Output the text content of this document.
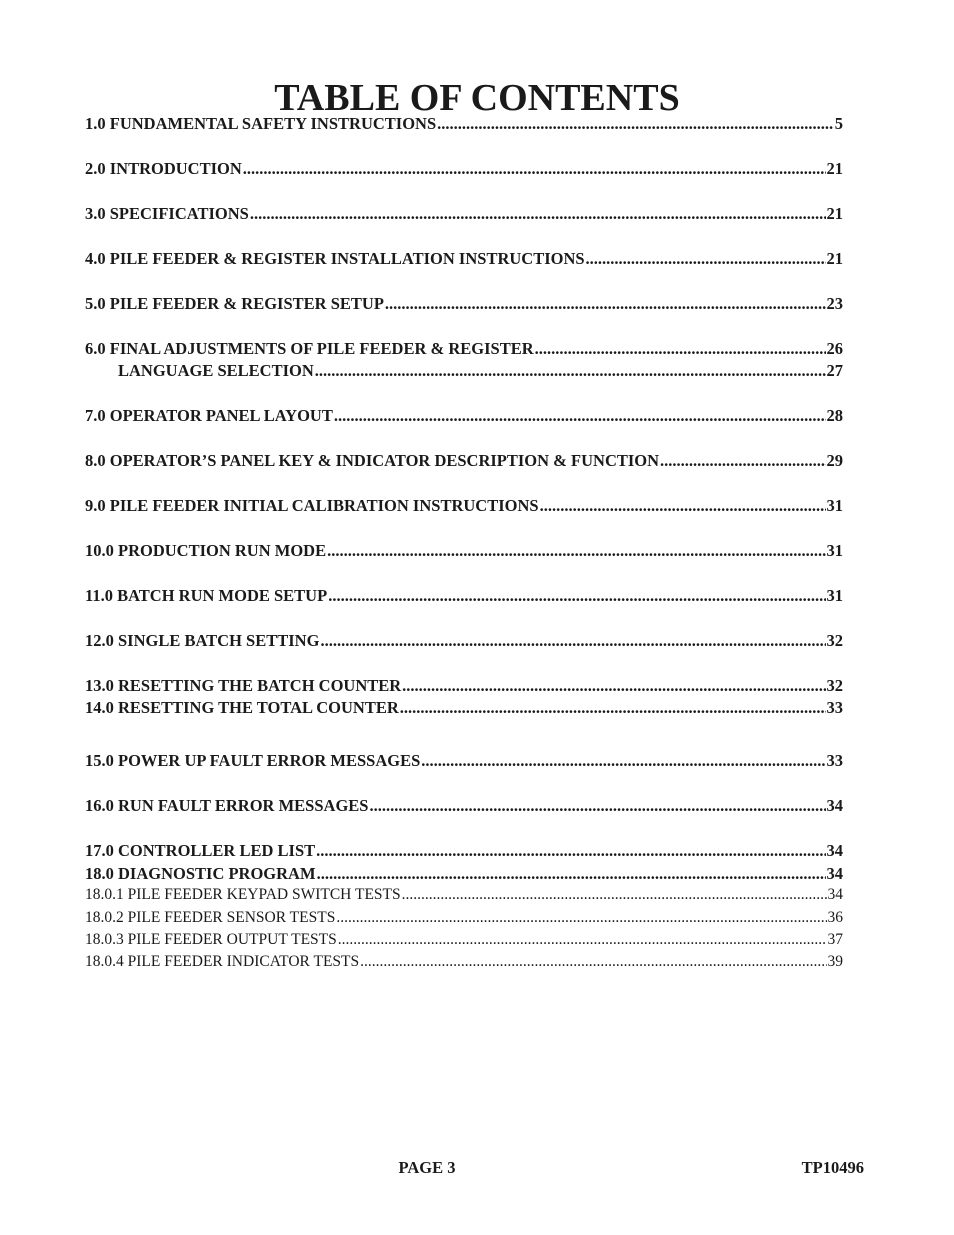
TABLE OF CONTENTS
1.0 FUNDAMENTAL SAFETY INSTRUCTIONS .....	5
2.0 INTRODUCTION .....	21
3.0 SPECIFICATIONS .....	21
4.0 PILE FEEDER & REGISTER INSTALLATION INSTRUCTIONS .....	21
5.0 PILE FEEDER & REGISTER SETUP .....	23
6.0 FINAL ADJUSTMENTS OF PILE FEEDER & REGISTER .....	26
LANGUAGE SELECTION .....	27
7.0 OPERATOR PANEL LAYOUT .....	28
8.0 OPERATOR’S PANEL KEY & INDICATOR DESCRIPTION & FUNCTION .....	29
9.0 PILE FEEDER INITIAL CALIBRATION INSTRUCTIONS .....	31
10.0 PRODUCTION RUN MODE .....	31
11.0 BATCH RUN MODE SETUP .....	31
12.0 SINGLE BATCH SETTING .....	32
13.0 RESETTING THE BATCH COUNTER .....	32
14.0 RESETTING THE TOTAL COUNTER .....	33
15.0 POWER UP FAULT ERROR MESSAGES .....	33
16.0 RUN FAULT ERROR MESSAGES .....	34
17.0 CONTROLLER LED LIST .....	34
18.0 DIAGNOSTIC PROGRAM .....	34
18.0.1 PILE FEEDER KEYPAD SWITCH TESTS .....	34
18.0.2 PILE FEEDER SENSOR TESTS .....	36
18.0.3 PILE FEEDER OUTPUT TESTS .....	37
18.0.4 PILE FEEDER INDICATOR TESTS .....	39
PAGE 3	TP10496
